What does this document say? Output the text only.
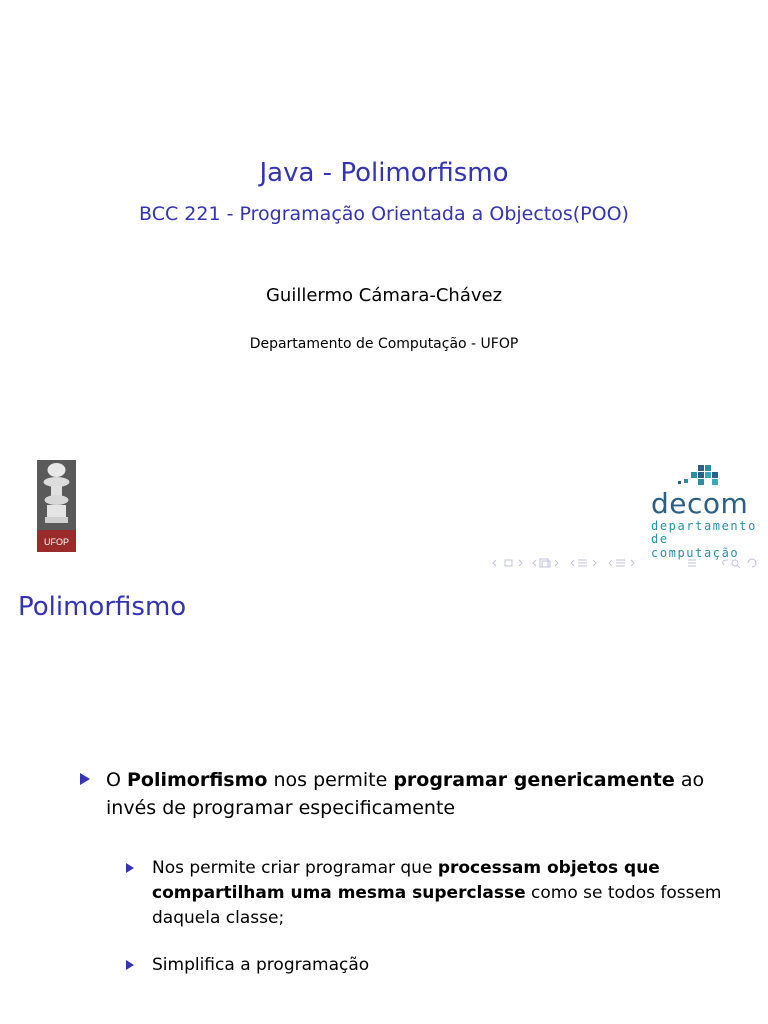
Java - Polimorfismo
BCC 221 - Programação Orientada a Objectos(POO)
Guillermo Cámara-Chávez
Departamento de Computação - UFOP
UFOP
decom
departamento
de computação
Polimorfismo
O Polimorfismo nos permite programar genericamente ao invés de programar especificamente
Nos permite criar programar que processam objetos que compartilham uma mesma superclasse como se todos fossem daquela classe;
Simplifica a programação
